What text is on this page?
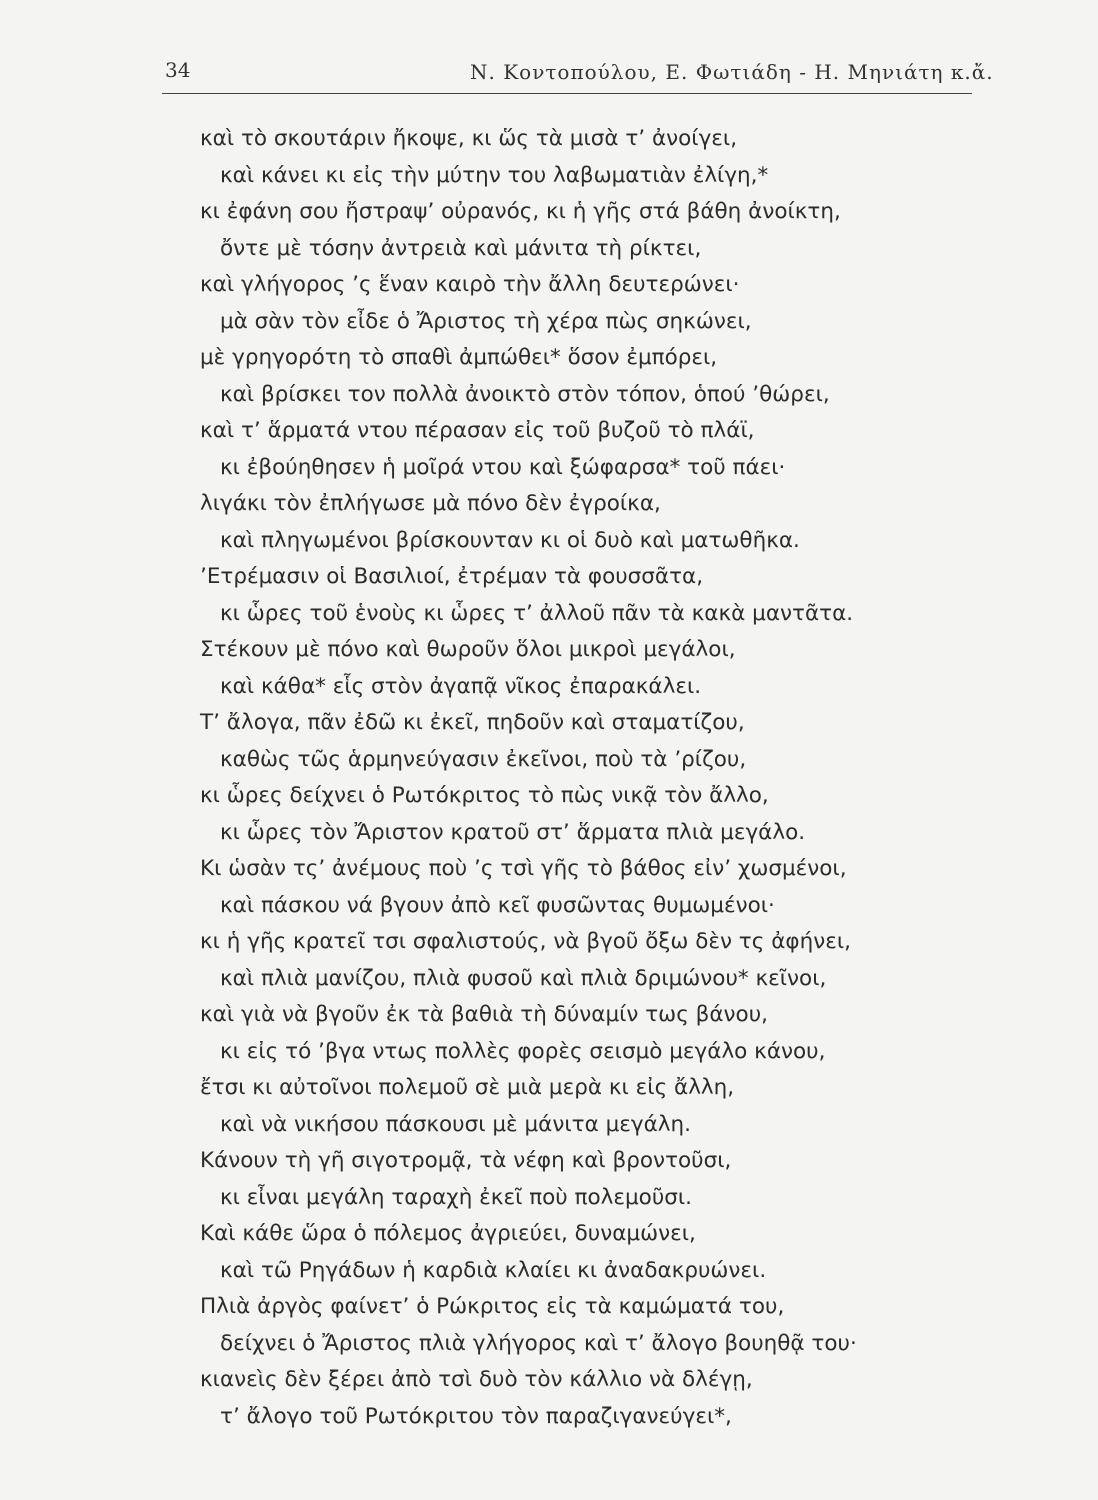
34	Ν. Κοντοπούλου, Ε. Φωτιάδη - Η. Μηνιάτη κ.ἄ.
καὶ τὸ σκουτάριν ἤκοψε, κι ὥς τὰ μισὰ τ’ ἀνοίγει,
καὶ κάνει κι εἰς τὴν μύτην του λαβωματιὰν ἐλίγη,*
κι ἐφάνη σου ἤστραψ’ οὐρανός, κι ἡ γῆς στά βάθη ἀνοίκτη,
ὄντε μὲ τόσην ἀντρειὰ καὶ μάνιτα τὴ ρίκτει,
καὶ γλήγορος ’ς ἕναν καιρὸ τὴν ἄλλη δευτερώνει·
μὰ σὰν τὸν εἶδε ὁ Ἄριστος τὴ χέρα πὼς σηκώνει,
μὲ γρηγορότη τὸ σπαθὶ ἀμπώθει* ὅσον ἐμπόρει,
καὶ βρίσκει τον πολλὰ ἀνοικτὸ στὸν τόπον, ὁπού ’θώρει,
καὶ τ’ ἅρματά ντου πέρασαν εἰς τοῦ βυζοῦ τὸ πλάϊ,
κι ἐβούηθησεν ἡ μοῖρά ντου καὶ ξώφαρσα* τοῦ πάει·
λιγάκι τὸν ἐπλήγωσε μὰ πόνο δὲν ἐγροίκα,
καὶ πληγωμένοι βρίσκουνταν κι οἱ δυὸ καὶ ματωθῆκα.
’Ετρέμασιν οἱ Βασιλιοί, ἐτρέμαν τὰ φουσσᾶτα,
κι ὧρες τοῦ ἑνοὺς κι ὧρες τ’ ἀλλοῦ πᾶν τὰ κακὰ μαντᾶτα.
Στέκουν μὲ πόνο καὶ θωροῦν ὅλοι μικροὶ μεγάλοι,
καὶ κάθα* εἷς στὸν ἀγαπᾷ νῖκος ἐπαρακάλει.
Τ’ ἄλογα, πᾶν ἐδῶ κι ἐκεῖ, πηδοῦν καὶ σταματίζου,
καθὼς τῶς ἁρμηνεύγασιν ἐκεῖνοι, ποὺ τὰ ’ρίζου,
κι ὧρες δείχνει ὁ Ρωτόκριτος τὸ πὼς νικᾷ τὸν ἄλλο,
κι ὧρες τὸν Ἄριστον κρατοῦ στ’ ἅρματα πλιὰ μεγάλο.
Κι ὡσὰν τς’ ἀνέμους ποὺ ’ς τσὶ γῆς τὸ βάθος εἰν’ χωσμένοι,
καὶ πάσκου νά βγουν ἀπὸ κεῖ φυσῶντας θυμωμένοι·
κι ἡ γῆς κρατεῖ τσι σφαλιστούς, νὰ βγοῦ ὄξω δὲν τς ἀφήνει,
καὶ πλιὰ μανίζου, πλιὰ φυσοῦ καὶ πλιὰ δριμώνου* κεῖνοι,
καὶ γιὰ νὰ βγοῦν ἐκ τὰ βαθιὰ τὴ δύναμίν τως βάνου,
κι εἰς τό ’βγα ντως πολλὲς φορὲς σεισμὸ μεγάλο κάνου,
ἔτσι κι αὐτοῖνοι πολεμοῦ σὲ μιὰ μερὰ κι εἰς ἄλλη,
καὶ νὰ νικήσου πάσκουσι μὲ μάνιτα μεγάλη.
Κάνουν τὴ γῆ σιγοτρομᾷ, τὰ νέφη καὶ βροντοῦσι,
κι εἶναι μεγάλη ταραχὴ ἐκεῖ ποὺ πολεμοῦσι.
Καὶ κάθε ὥρα ὁ πόλεμος ἀγριεύει, δυναμώνει,
καὶ τῶ Ρηγάδων ἡ καρδιὰ κλαίει κι ἀναδακρυώνει.
Πλιὰ ἀργὸς φαίνετ’ ὁ Ρώκριτος εἰς τὰ καμώματά του,
δείχνει ὁ Ἄριστος πλιὰ γλήγορος καὶ τ’ ἄλογο βουηθᾷ του·
κιανεὶς δὲν ξέρει ἀπὸ τσὶ δυὸ τὸν κάλλιο νὰ δλέγῃ,
τ’ ἄλογο τοῦ Ρωτόκριτου τὸν παραζιγανεύγει*,
